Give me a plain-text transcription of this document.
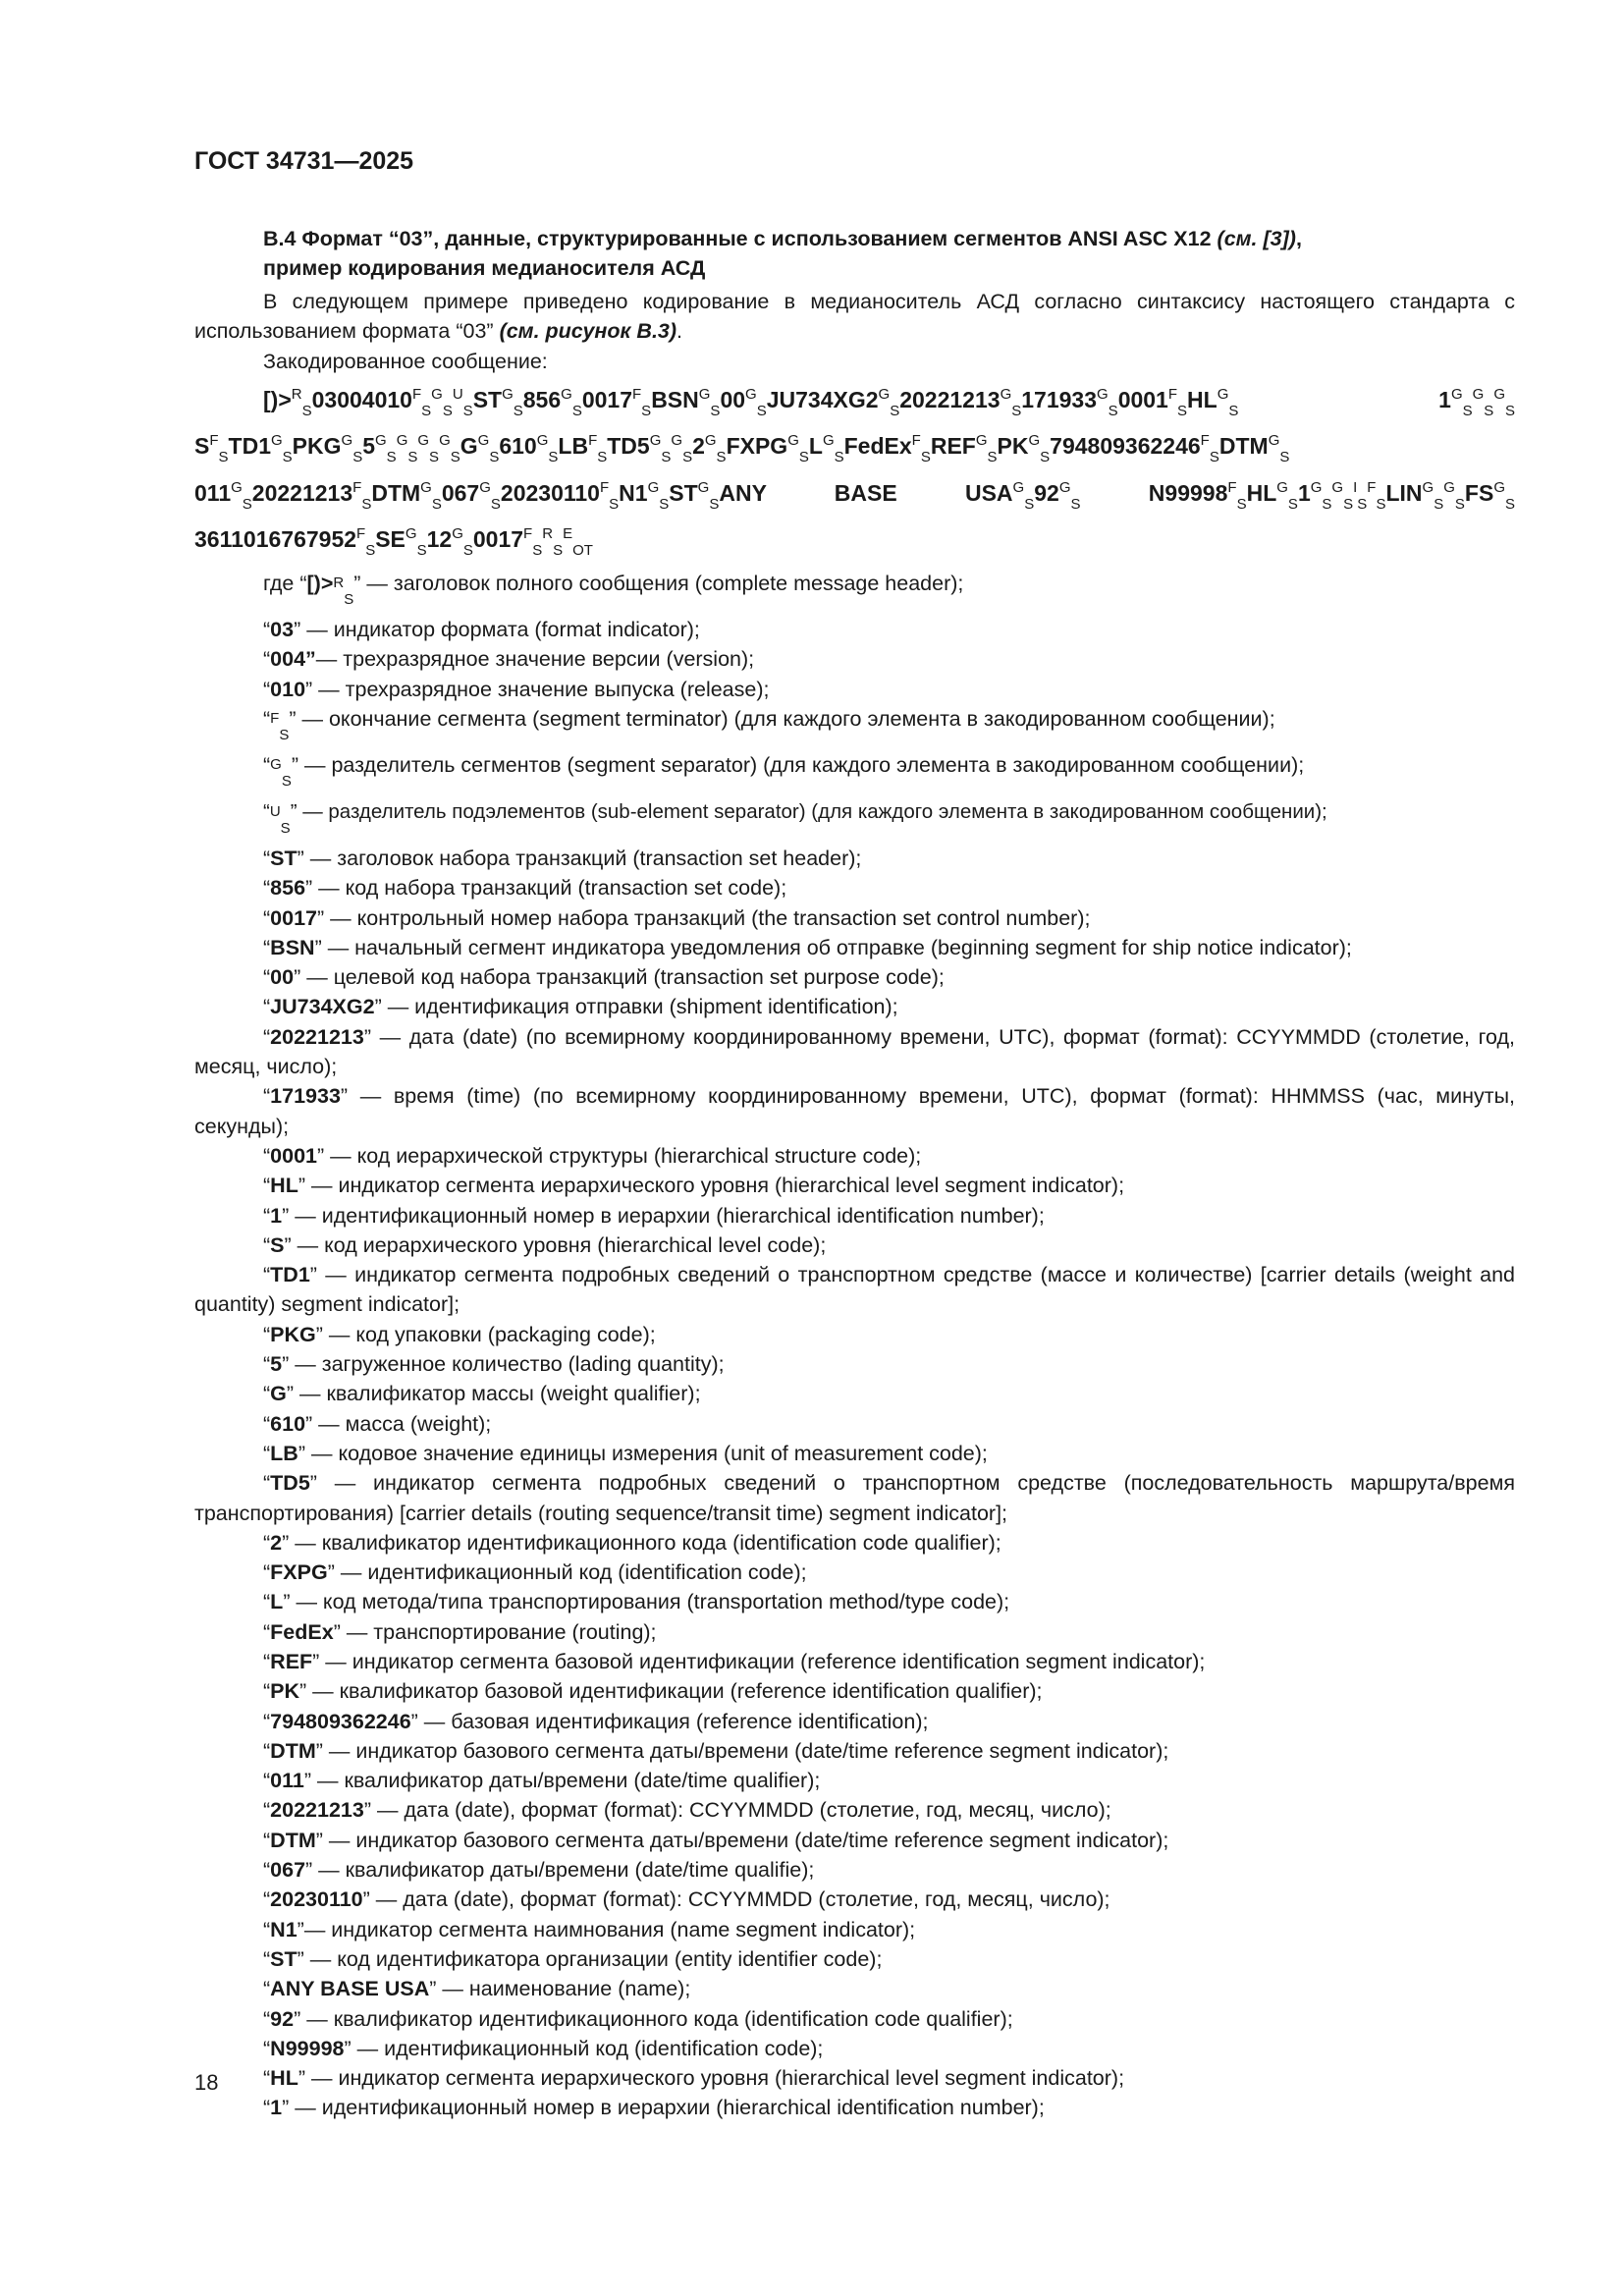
ГОСТ 34731—2025
В.4 Формат “03”, данные, структурированные с использованием сегментов ANSI ASC X12 (см. [3]),
пример кодирования медианосителя АСД

В следующем примере приведено кодирование в медианоситель АСД согласно синтаксису настоящего стандарта с использованием формата “03” (см. рисунок В.3).

Закодированное сообщение:

[)>RS03004010FSGSUSSTGS856GS0017FSBSNGS00GSJU734XG2GS20221213GS171933GS0001FSHLGS 1GSGSGS
SFSTD1GSPKGGS5GSGSGSGSGGS610GSLBFSTD5GSGS2GSFXPGGSLGSFedExFSREFGSPKGS794809362246FSDTMGS
011GS20221213FSDTMGS067GS20230110FSN1GSSTGSANY BASE USAGS92GS N99998FSHLGS1GSGSISFSLINGSGSFSGS
3611016767952FSSEGS12GS0017FSRSEOT
где “ [)> RS
” — заголовок полного сообщения (complete message header);
“ 03 ” — индикатор формата (format indicator);
“ 004” — трехразрядное значение версии (version);
“ 010 ” — трехразрядное значение выпуска (release);
“ FS
” — окончание сегмента (segment terminator) (для каждого элемента в закодированном сообщении);
“ GS
” — разделитель сегментов (segment separator) (для каждого элемента в закодированном сообщении);
“ US
” — разделитель подэлементов (sub-element separator) (для каждого элемента в закодированном сообщении);
“ ST ” — заголовок набора транзакций (transaction set header);
“ 856 ” — код набора транзакций (transaction set code);
“ 0017 ” — контрольный номер набора транзакций (the transaction set control number);
“ BSN ” — начальный сегмент индикатора уведомления об отправке (beginning segment for ship notice indicator);
“ 00 ” — целевой код набора транзакций (transaction set purpose code);
“ JU734XG2 ” — идентификация отправки (shipment identification);
“20221213” — дата (date) (по всемирному координированному времени, UTC), формат (format): CCYYMMDD (столетие, год, месяц, число);
“171933” — время (time) (по всемирному координированному времени, UTC), формат (format): HHMMSS (час, минуты, секунды);
“ 0001 ” — код иерархической структуры (hierarchical structure code);
“ HL ” — индикатор сегмента иерархического уровня (hierarchical level segment indicator);
“ 1 ” — идентификационный номер в иерархии (hierarchical identification number);
“ S ” — код иерархического уровня (hierarchical level code);
“TD1” — индикатор сегмента подробных сведений о транспортном средстве (массе и количестве) [carrier details (weight and quantity) segment indicator];
“ PKG ” — код упаковки (packaging code);
“ 5 ” — загруженное количество (lading quantity);
“ G ” — квалификатор массы (weight qualifier);
“ 610 ” — масса (weight);
“ LB ” — кодовое значение единицы измерения (unit of measurement code);
“TD5” — индикатор сегмента подробных сведений о транспортном средстве (последовательность маршрута/время транспортирования) [carrier details (routing sequence/transit time) segment indicator];
“ 2 ” — квалификатор идентификационного кода (identification code qualifier);
“ FXPG ” — идентификационный код (identification code);
“ L ” — код метода/типа транспортирования (transportation method/type code);
“ FedEx ” — транспортирование (routing);
“ REF ” — индикатор сегмента базовой идентификации (reference identification segment indicator);
“ PK ” — квалификатор базовой идентификации (reference identification qualifier);
“ 794809362246 ” — базовая идентификация (reference identification);
“ DTM ” — индикатор базового сегмента даты/времени (date/time reference segment indicator);
“ 011 ” — квалификатор даты/времени (date/time qualifier);
“ 20221213 ” — дата (date), формат (format): CCYYMMDD (столетие, год, месяц, число);
“ DTM ” — индикатор базового сегмента даты/времени (date/time reference segment indicator);
“ 067 ” — квалификатор даты/времени (date/time qualifie);
“ 20230110 ” — дата (date), формат (format): CCYYMMDD (столетие, год, месяц, число);
“ N1 ”— индикатор сегмента наимнования (name segment indicator);
“ ST ” — код идентификатора организации (entity identifier code);
“ ANY BASE USA ” — наименование (name);
“ 92 ” — квалификатор идентификационного кода (identification code qualifier);
“ N99998 ” — идентификационный код (identification code);
“ HL ” — индикатор сегмента иерархического уровня (hierarchical level segment indicator);
“ 1 ” — идентификационный номер в иерархии (hierarchical identification number);
18
